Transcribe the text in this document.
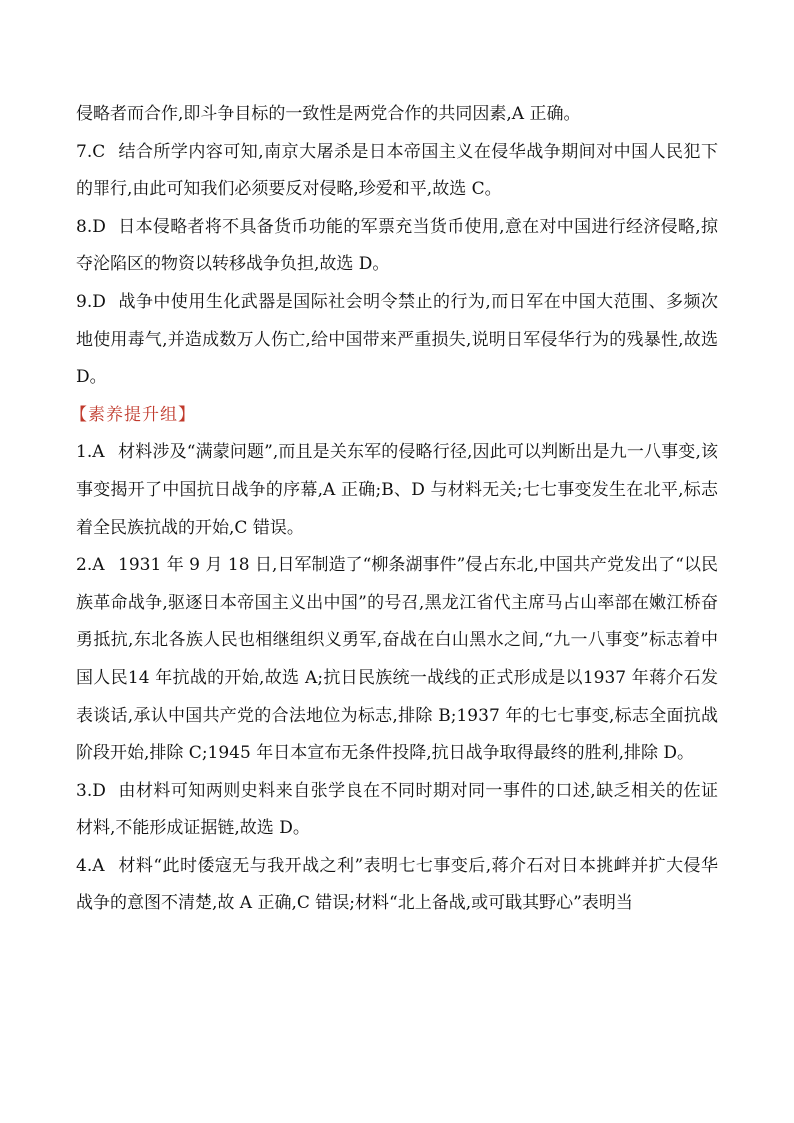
侵略者而合作,即斗争目标的一致性是两党合作的共同因素,A 正确。

7.C 结合所学内容可知,南京大屠杀是日本帝国主义在侵华战争期间对中国人民犯下的罪行,由此可知我们必须要反对侵略,珍爱和平,故选 C。

8.D 日本侵略者将不具备货币功能的军票充当货币使用,意在对中国进行经济侵略,掠夺沦陷区的物资以转移战争负担,故选 D。

9.D 战争中使用生化武器是国际社会明令禁止的行为,而日军在中国大范围、多频次地使用毒气,并造成数万人伤亡,给中国带来严重损失,说明日军侵华行为的残暴性,故选 D。

【素养提升组】

1.A 材料涉及“满蒙问题”,而且是关东军的侵略行径,因此可以判断出是九一八事变,该事变揭开了中国抗日战争的序幕,A 正确;B、D 与材料无关;七七事变发生在北平,标志着全民族抗战的开始,C 错误。

2.A 1931 年 9 月 18 日,日军制造了“柳条湖事件”侵占东北,中国共产党发出了“以民族革命战争,驱逐日本帝国主义出中国”的号召,黑龙江省代主席马占山率部在嫩江桥奋勇抵抗,东北各族人民也相继组织义勇军,奋战在白山黑水之间,“九一八事变”标志着中国人民14 年抗战的开始,故选 A;抗日民族统一战线的正式形成是以1937 年蒋介石发表谈话,承认中国共产党的合法地位为标志,排除 B;1937 年的七七事变,标志全面抗战阶段开始,排除 C;1945 年日本宣布无条件投降,抗日战争取得最终的胜利,排除 D。

3.D 由材料可知两则史料来自张学良在不同时期对同一事件的口述,缺乏相关的佐证材料,不能形成证据链,故选 D。

4.A 材料“此时倭寇无与我开战之利”表明七七事变后,蒋介石对日本挑衅并扩大侵华战争的意图不清楚,故 A 正确,C 错误;材料“北上备战,或可戢其野心”表明当
